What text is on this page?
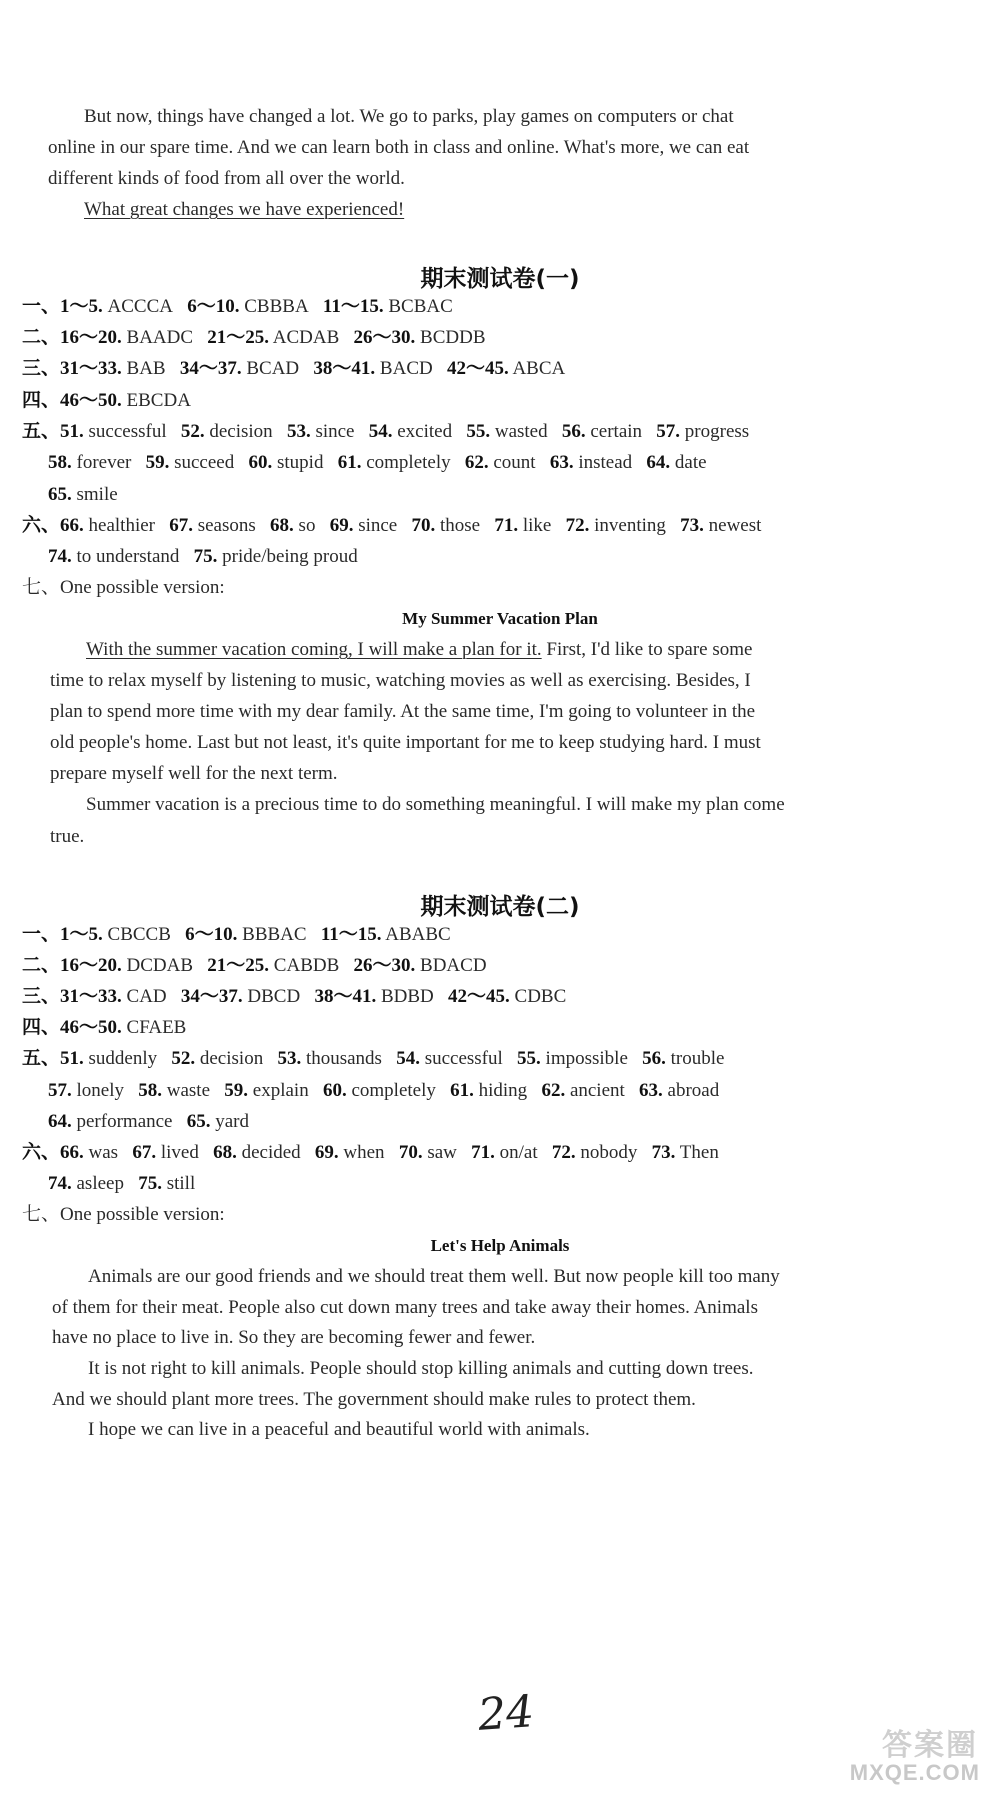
But now, things have changed a lot. We go to parks, play games on computers or chat
online in our spare time. And we can learn both in class and online. What's more, we can eat
different kinds of food from all over the world.
What great changes we have experienced!
期末测试卷(一)
一、1～5. ACCCA 6～10. CBBBA 11～15. BCBAC
二、16～20. BAADC 21～25. ACDAB 26～30. BCDDB
三、31～33. BAB 34～37. BCAD 38～41. BACD 42～45. ABCA
四、46～50. EBCDA
五、51. successful 52. decision 53. since 54. excited 55. wasted 56. certain 57. progress
58. forever 59. succeed 60. stupid 61. completely 62. count 63. instead 64. date
65. smile
六、66. healthier 67. seasons 68. so 69. since 70. those 71. like 72. inventing 73. newest
74. to understand 75. pride/being proud
七、One possible version:
My Summer Vacation Plan
With the summer vacation coming, I will make a plan for it. First, I'd like to spare some
time to relax myself by listening to music, watching movies as well as exercising. Besides, I
plan to spend more time with my dear family. At the same time, I'm going to volunteer in the
old people's home. Last but not least, it's quite important for me to keep studying hard. I must
prepare myself well for the next term.
Summer vacation is a precious time to do something meaningful. I will make my plan come
true.
期末测试卷(二)
一、1～5. CBCCB 6～10. BBBAC 11～15. ABABC
二、16～20. DCDAB 21～25. CABDB 26～30. BDACD
三、31～33. CAD 34～37. DBCD 38～41. BDBD 42～45. CDBC
四、46～50. CFAEB
五、51. suddenly 52. decision 53. thousands 54. successful 55. impossible 56. trouble
57. lonely 58. waste 59. explain 60. completely 61. hiding 62. ancient 63. abroad
64. performance 65. yard
六、66. was 67. lived 68. decided 69. when 70. saw 71. on/at 72. nobody 73. Then
74. asleep 75. still
七、One possible version:
Let's Help Animals
Animals are our good friends and we should treat them well. But now people kill too many
of them for their meat. People also cut down many trees and take away their homes. Animals
have no place to live in. So they are becoming fewer and fewer.
It is not right to kill animals. People should stop killing animals and cutting down trees.
And we should plant more trees. The government should make rules to protect them.
I hope we can live in a peaceful and beautiful world with animals.
24
答案圈
MXQE.COM
